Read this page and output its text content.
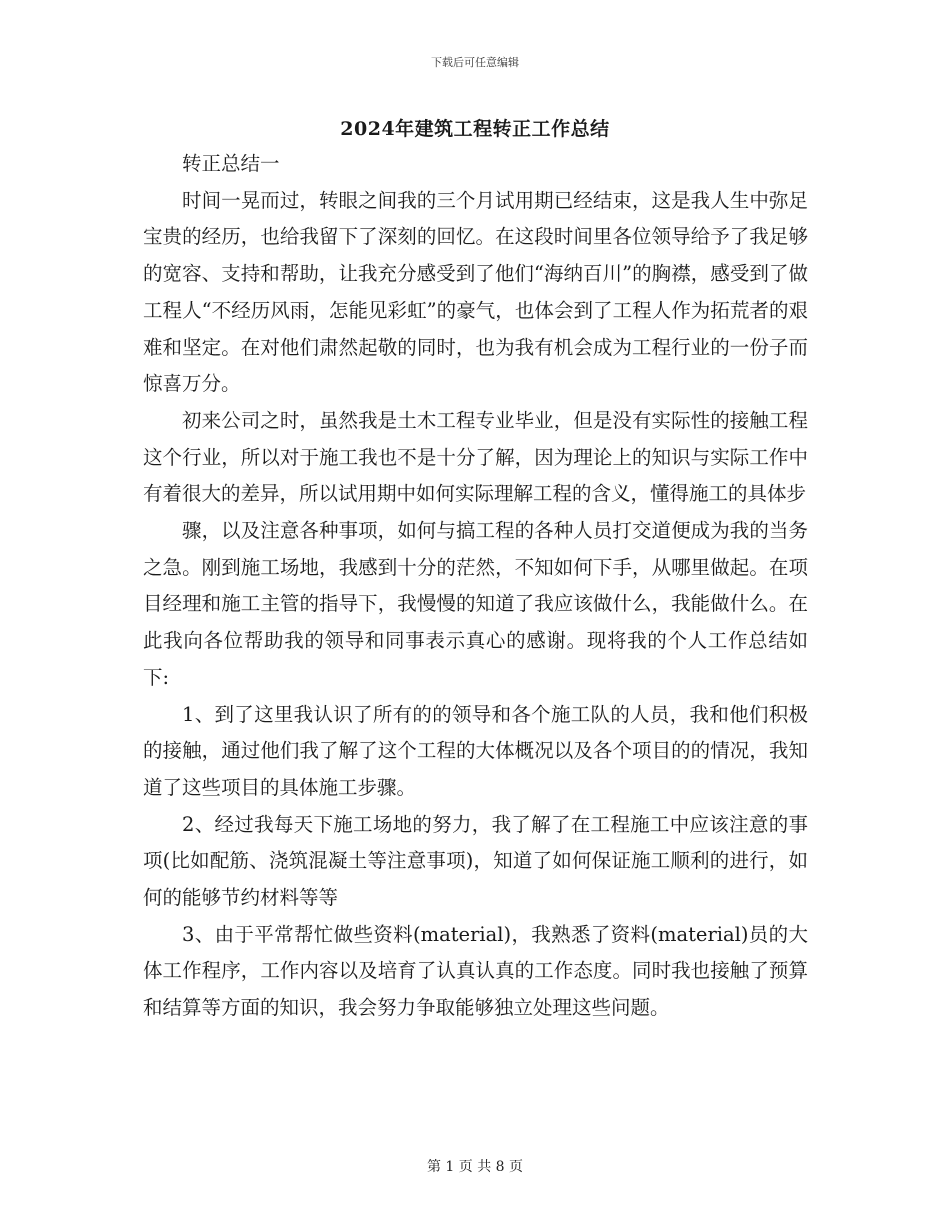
下载后可任意编辑
2024年建筑工程转正工作总结

转正总结一

时间一晃而过，转眼之间我的三个月试用期已经结束，这是我人生中弥足宝贵的经历，也给我留下了深刻的回忆。在这段时间里各位领导给予了我足够的宽容、支持和帮助，让我充分感受到了他们“海纳百川”的胸襟，感受到了做工程人“不经历风雨，怎能见彩虹”的豪气，也体会到了工程人作为拓荒者的艰难和坚定。在对他们肃然起敬的同时，也为我有机会成为工程行业的一份子而惊喜万分。

初来公司之时，虽然我是土木工程专业毕业，但是没有实际性的接触工程这个行业，所以对于施工我也不是十分了解，因为理论上的知识与实际工作中有着很大的差异，所以试用期中如何实际理解工程的含义，懂得施工的具体步

骤，以及注意各种事项，如何与搞工程的各种人员打交道便成为我的当务之急。刚到施工场地，我感到十分的茫然，不知如何下手，从哪里做起。在项目经理和施工主管的指导下，我慢慢的知道了我应该做什么，我能做什么。在此我向各位帮助我的领导和同事表示真心的感谢。现将我的个人工作总结如下:

1、到了这里我认识了所有的的领导和各个施工队的人员，我和他们积极的接触，通过他们我了解了这个工程的大体概况以及各个项目的的情况，我知道了这些项目的具体施工步骤。

2、经过我每天下施工场地的努力，我了解了在工程施工中应该注意的事项(比如配筋、浇筑混凝土等注意事项)，知道了如何保证施工顺利的进行，如何的能够节约材料等等

3、由于平常帮忙做些资料(material)，我熟悉了资料(material)员的大体工作程序，工作内容以及培育了认真认真的工作态度。同时我也接触了预算和结算等方面的知识，我会努力争取能够独立处理这些问题。

第 1 页 共 8 页
